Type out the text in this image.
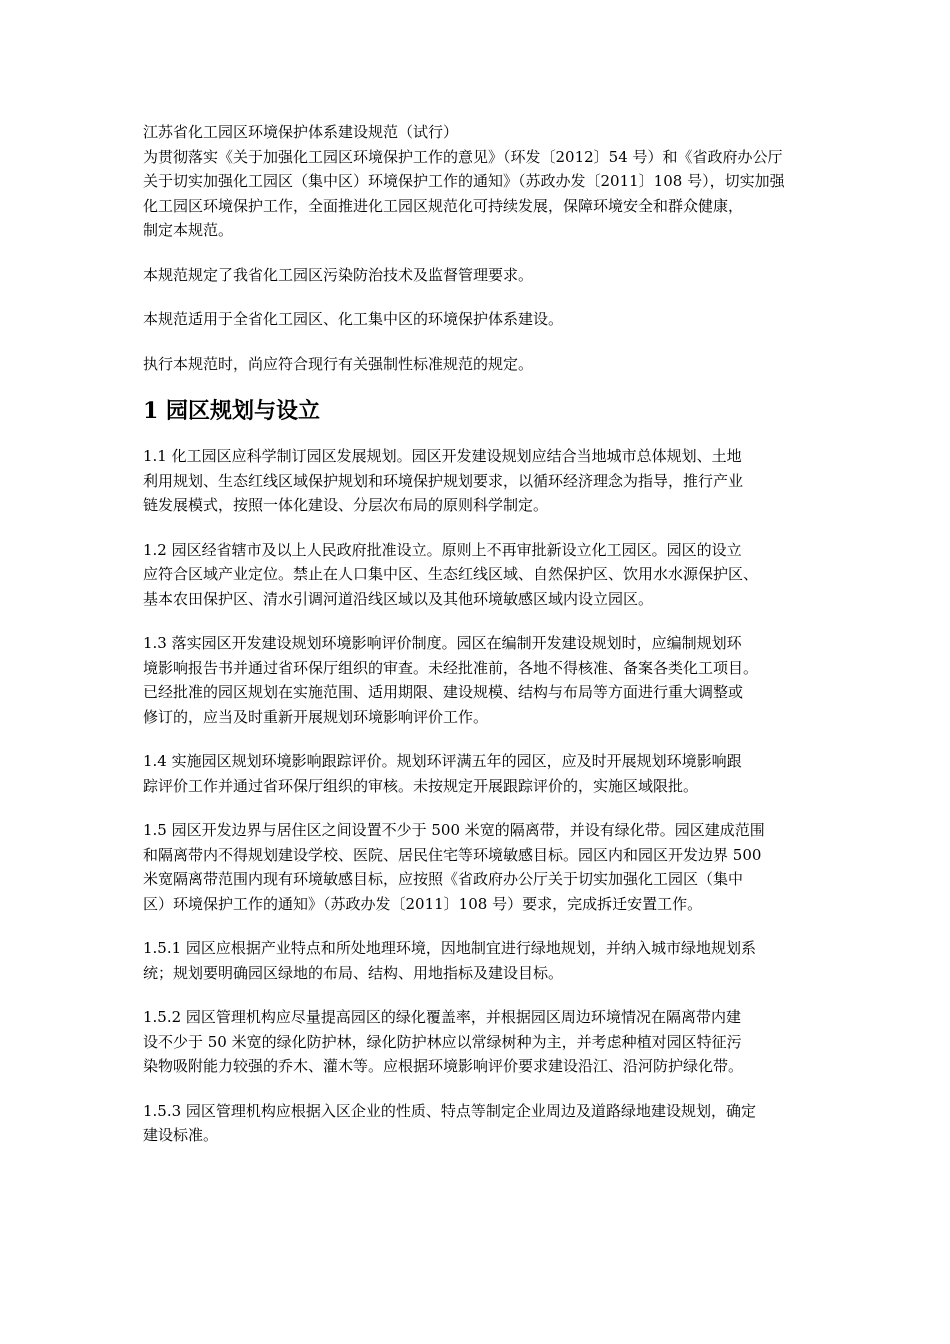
江苏省化工园区环境保护体系建设规范（试行）
为贯彻落实《关于加强化工园区环境保护工作的意见》（环发〔2012〕54 号）和《省政府办公厅
关于切实加强化工园区（集中区）环境保护工作的通知》（苏政办发〔2011〕108 号），切实加强
化工园区环境保护工作，全面推进化工园区规范化可持续发展，保障环境安全和群众健康，
制定本规范。
本规范规定了我省化工园区污染防治技术及监督管理要求。
本规范适用于全省化工园区、化工集中区的环境保护体系建设。
执行本规范时，尚应符合现行有关强制性标准规范的规定。
1 园区规划与设立
1.1 化工园区应科学制订园区发展规划。园区开发建设规划应结合当地城市总体规划、土地
利用规划、生态红线区域保护规划和环境保护规划要求，以循环经济理念为指导，推行产业
链发展模式，按照一体化建设、分层次布局的原则科学制定。
1.2 园区经省辖市及以上人民政府批准设立。原则上不再审批新设立化工园区。园区的设立
应符合区域产业定位。禁止在人口集中区、生态红线区域、自然保护区、饮用水水源保护区、
基本农田保护区、清水引调河道沿线区域以及其他环境敏感区域内设立园区。
1.3 落实园区开发建设规划环境影响评价制度。园区在编制开发建设规划时，应编制规划环
境影响报告书并通过省环保厅组织的审查。未经批准前，各地不得核准、备案各类化工项目。
已经批准的园区规划在实施范围、适用期限、建设规模、结构与布局等方面进行重大调整或
修订的，应当及时重新开展规划环境影响评价工作。
1.4 实施园区规划环境影响跟踪评价。规划环评满五年的园区，应及时开展规划环境影响跟
踪评价工作并通过省环保厅组织的审核。未按规定开展跟踪评价的，实施区域限批。
1.5 园区开发边界与居住区之间设置不少于 500 米宽的隔离带，并设有绿化带。园区建成范围
和隔离带内不得规划建设学校、医院、居民住宅等环境敏感目标。园区内和园区开发边界 500
米宽隔离带范围内现有环境敏感目标，应按照《省政府办公厅关于切实加强化工园区（集中
区）环境保护工作的通知》（苏政办发〔2011〕108 号）要求，完成拆迁安置工作。
1.5.1 园区应根据产业特点和所处地理环境，因地制宜进行绿地规划，并纳入城市绿地规划系
统；规划要明确园区绿地的布局、结构、用地指标及建设目标。
1.5.2 园区管理机构应尽量提高园区的绿化覆盖率，并根据园区周边环境情况在隔离带内建
设不少于 50 米宽的绿化防护林，绿化防护林应以常绿树种为主，并考虑种植对园区特征污
染物吸附能力较强的乔木、灌木等。应根据环境影响评价要求建设沿江、沿河防护绿化带。
1.5.3 园区管理机构应根据入区企业的性质、特点等制定企业周边及道路绿地建设规划，确定
建设标准。
